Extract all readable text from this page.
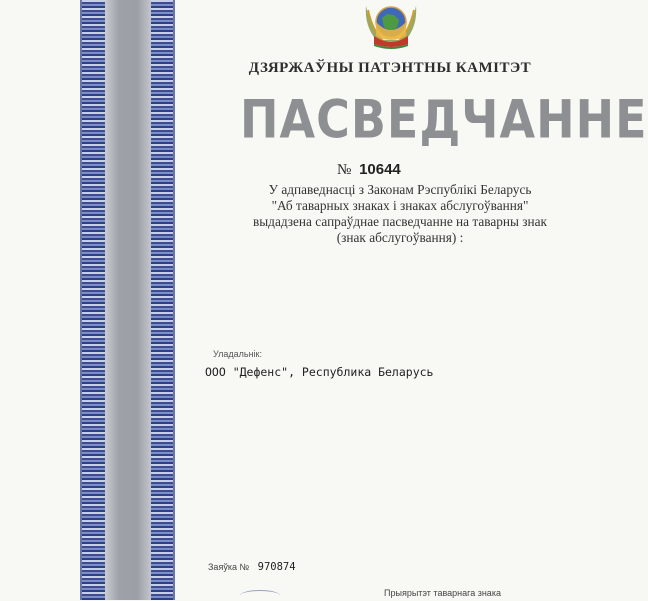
ДЗЯРЖАЎНЫ ПАТЭНТНЫ КАМІТЭТ
ПАСВЕДЧАННЕ
№ 10644
У адпаведнасці з Законам Рэспублікі Беларусь
"Аб таварных знаках і знаках абслугоўвання"
выдадзена сапраўднае пасведчанне на таварны знак
(знак абслугоўвання) :
Уладальнік:
ООО "Дефенс", Республика Беларусь
Заяўка № 970874
Прыярытэт таварнага знака
